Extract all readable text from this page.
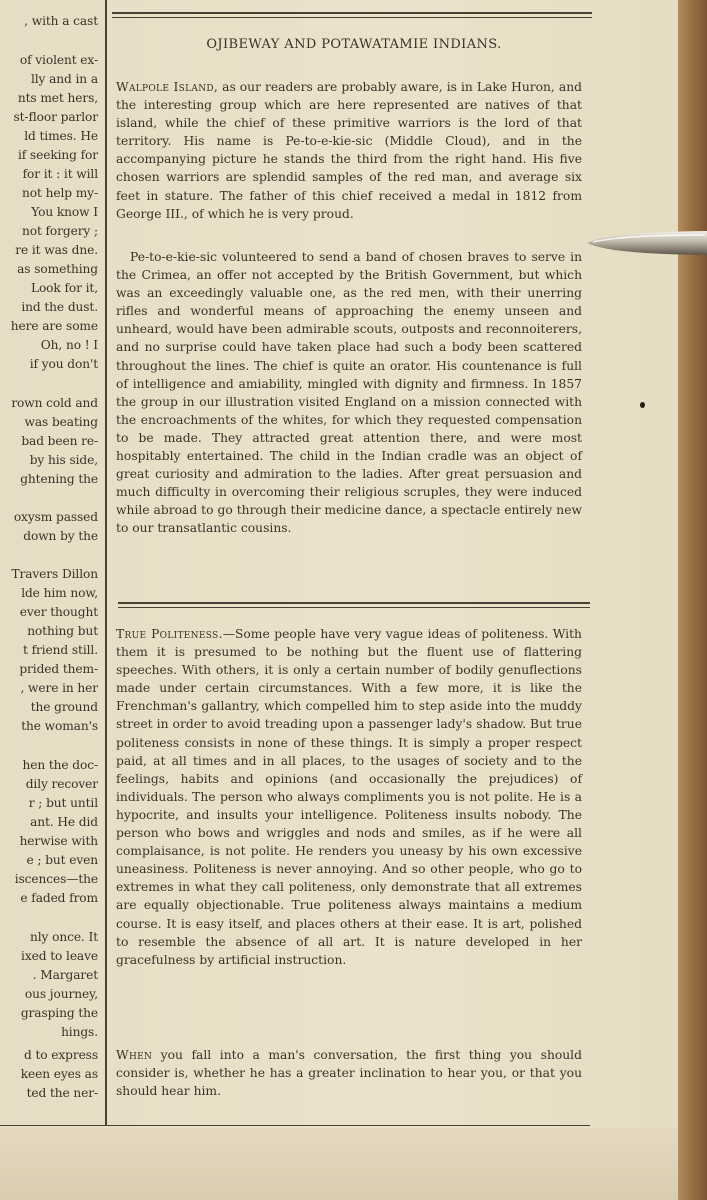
, with a cast
of violent ex-
lly and in a
nts met hers,
st-floor parlor
ld times. He
if seeking for
for it : it will
not help my-
You know I
not forgery ;
re it was dne.
as something
Look for it,
ind the dust.
here are some
Oh, no ! I
if you don't
rown cold and
was beating
bad been re-
by his side,
ghtening the
oxysm passed
down by the
Travers Dillon
lde him now,
ever thought
nothing but
t friend still.
prided them-
, were in her
the ground
the woman's
hen the doc-
dily recover
r ; but until
ant. He did
herwise with
e ; but even
iscences—the
e faded from
nly once. It
ixed to leave
. Margaret
ous journey,
grasping the
hings.
d to express
keen eyes as
ted the ner-
OJIBEWAY AND POTAWATAMIE INDIANS.
Walpole Island, as our readers are probably aware, is in Lake Huron, and the interesting group which are here represented are natives of that island, while the chief of these primitive warriors is the lord of that territory. His name is Pe-to-e-kie-sic (Middle Cloud), and in the accompanying picture he stands the third from the right hand. His five chosen warriors are splendid samples of the red man, and average six feet in stature. The father of this chief received a medal in 1812 from George III., of which he is very proud.
Pe-to-e-kie-sic volunteered to send a band of chosen braves to serve in the Crimea, an offer not accepted by the British Government, but which was an exceedingly valuable one, as the red men, with their unerring rifles and wonderful means of approaching the enemy unseen and unheard, would have been admirable scouts, outposts and reconnoiterers, and no surprise could have taken place had such a body been scattered throughout the lines. The chief is quite an orator. His countenance is full of intelligence and amiability, mingled with dignity and firmness. In 1857 the group in our illustration visited England on a mission connected with the encroachments of the whites, for which they requested compensation to be made. They attracted great attention there, and were most hospitably entertained. The child in the Indian cradle was an object of great curiosity and admiration to the ladies. After great persuasion and much difficulty in overcoming their religious scruples, they were induced while abroad to go through their medicine dance, a spectacle entirely new to our transatlantic cousins.
True Politeness.—Some people have very vague ideas of politeness. With them it is presumed to be nothing but the fluent use of flattering speeches. With others, it is only a certain number of bodily genuflections made under certain circumstances. With a few more, it is like the Frenchman's gallantry, which compelled him to step aside into the muddy street in order to avoid treading upon a passenger lady's shadow. But true politeness consists in none of these things. It is simply a proper respect paid, at all times and in all places, to the usages of society and to the feelings, habits and opinions (and occasionally the prejudices) of individuals. The person who always compliments you is not polite. He is a hypocrite, and insults your intelligence. Politeness insults nobody. The person who bows and wriggles and nods and smiles, as if he were all complaisance, is not polite. He renders you uneasy by his own excessive uneasiness. Politeness is never annoying. And so other people, who go to extremes in what they call politeness, only demonstrate that all extremes are equally objectionable. True politeness always maintains a medium course. It is easy itself, and places others at their ease. It is art, polished to resemble the absence of all art. It is nature developed in her gracefulness by artificial instruction.
When you fall into a man's conversation, the first thing you should consider is, whether he has a greater inclination to hear you, or that you should hear him.
